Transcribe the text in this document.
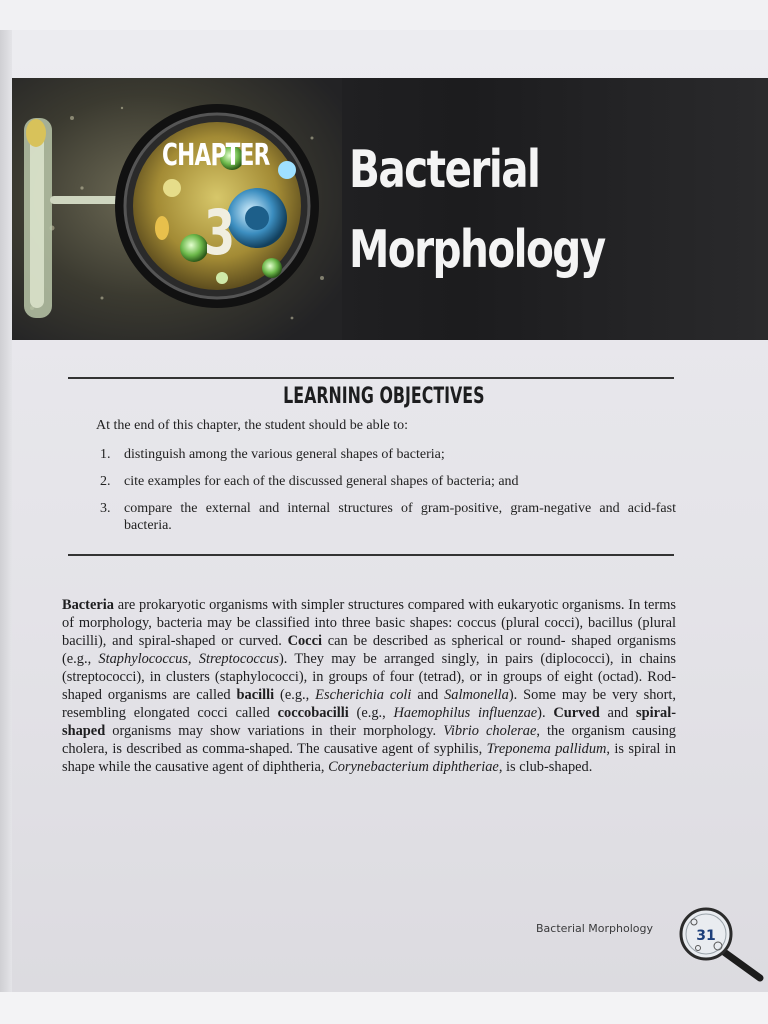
CHAPTER
3
Bacterial
Morphology
LEARNING OBJECTIVES
At the end of this chapter, the student should be able to:
1. distinguish among the various general shapes of bacteria;
2. cite examples for each of the discussed general shapes of bacteria; and
3. compare the external and internal structures of gram-positive, gram-negative and acid-fast bacteria.
Bacteria are prokaryotic organisms with simpler structures compared with eukaryotic organisms. In terms of morphology, bacteria may be classified into three basic shapes: coccus (plural cocci), bacillus (plural bacilli), and spiral-shaped or curved. Cocci can be described as spherical or round- shaped organisms (e.g., Staphylococcus, Streptococcus). They may be arranged singly, in pairs (diplococci), in chains (streptococci), in clusters (staphylococci), in groups of four (tetrad), or in groups of eight (octad). Rod-shaped organisms are called bacilli (e.g., Escherichia coli and Salmonella). Some may be very short, resembling elongated cocci called coccobacilli (e.g., Haemophilus influenzae). Curved and spiral-shaped organisms may show variations in their morphology. Vibrio cholerae, the organism causing cholera, is described as comma-shaped. The causative agent of syphilis, Treponema pallidum, is spiral in shape while the causative agent of diphtheria, Corynebacterium diphtheriae, is club-shaped.
Bacterial Morphology	31
